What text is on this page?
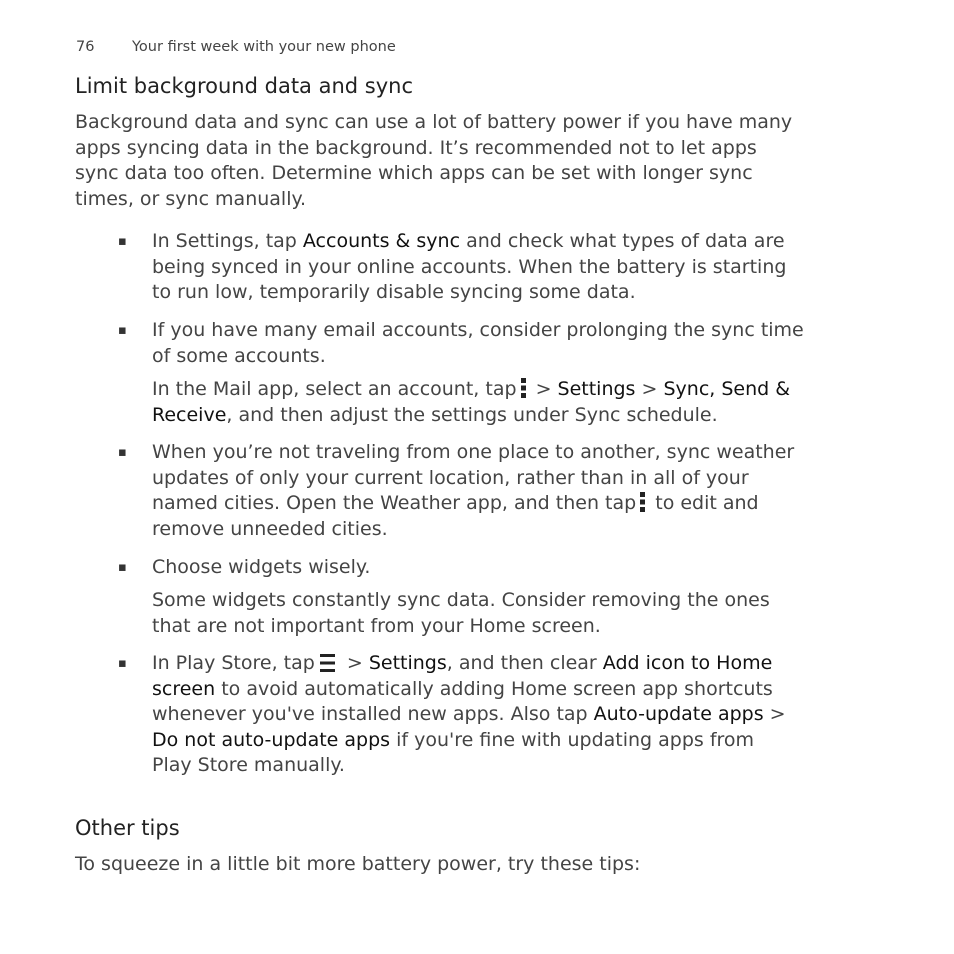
76	Your first week with your new phone
Limit background data and sync
Background data and sync can use a lot of battery power if you have many
apps syncing data in the background. It’s recommended not to let apps
sync data too often. Determine which apps can be set with longer sync
times, or sync manually.
▪ In Settings, tap Accounts & sync and check what types of data are
being synced in your online accounts. When the battery is starting
to run low, temporarily disable syncing some data.
▪ If you have many email accounts, consider prolonging the sync time
of some accounts.
In the Mail app, select an account, tap > Settings > Sync, Send &
Receive, and then adjust the settings under Sync schedule.
▪ When you’re not traveling from one place to another, sync weather
updates of only your current location, rather than in all of your
named cities. Open the Weather app, and then tap to edit and
remove unneeded cities.
▪ Choose widgets wisely.
Some widgets constantly sync data. Consider removing the ones
that are not important from your Home screen.
▪ In Play Store, tap > Settings, and then clear Add icon to Home
screen to avoid automatically adding Home screen app shortcuts
whenever you've installed new apps. Also tap Auto-update apps >
Do not auto-update apps if you're fine with updating apps from
Play Store manually.
Other tips
To squeeze in a little bit more battery power, try these tips:
